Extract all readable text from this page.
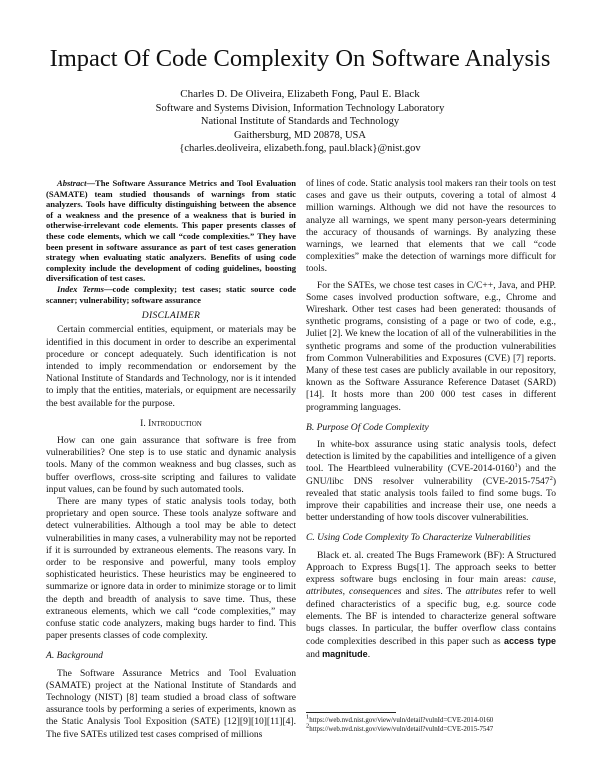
Impact Of Code Complexity On Software Analysis
Charles D. De Oliveira, Elizabeth Fong, Paul E. Black
Software and Systems Division, Information Technology Laboratory
National Institute of Standards and Technology
Gaithersburg, MD 20878, USA
{charles.deoliveira, elizabeth.fong, paul.black}@nist.gov

Abstract—The Software Assurance Metrics and Tool Evaluation (SAMATE) team studied thousands of warnings from static analyzers. Tools have difficulty distinguishing between the absence of a weakness and the presence of a weakness that is buried in otherwise-irrelevant code elements. This paper presents classes of these code elements, which we call “code complexities.” They have been present in software assurance as part of test cases generation strategy when evaluating static analyzers. Benefits of using code complexity include the development of coding guidelines, boosting diversification of test cases.

Index Terms—code complexity; test cases; static source code scanner; vulnerability; software assurance

DISCLAIMER

Certain commercial entities, equipment, or materials may be identified in this document in order to describe an experimental procedure or concept adequately. Such identification is not intended to imply recommendation or endorsement by the National Institute of Standards and Technology, nor is it intended to imply that the entities, materials, or equipment are necessarily the best available for the purpose.

I. Introduction

How can one gain assurance that software is free from vulnerabilities? One step is to use static and dynamic analysis tools. Many of the common weakness and bug classes, such as buffer overflows, cross-site scripting and failures to validate input values, can be found by such automated tools.

There are many types of static analysis tools today, both proprietary and open source. These tools analyze software and detect vulnerabilities. Although a tool may be able to detect vulnerabilities in many cases, a vulnerability may not be reported if it is surrounded by extraneous elements. The reasons vary. In order to be responsive and powerful, many tools employ sophisticated heuristics. These heuristics may be engineered to summarize or ignore data in order to minimize storage or to limit the depth and breadth of analysis to save time. Thus, these extraneous elements, which we call “code complexities,” may confuse static code analyzers, making bugs harder to find. This paper presents classes of code complexity.

A. Background

The Software Assurance Metrics and Tool Evaluation (SAMATE) project at the National Institute of Standards and Technology (NIST) [8] team studied a broad class of software assurance tools by performing a series of experiments, known as the Static Analysis Tool Exposition (SATE) [12][9][10][11][4]. The five SATEs utilized test cases comprised of millions

of lines of code. Static analysis tool makers ran their tools on test cases and gave us their outputs, covering a total of almost 4 million warnings. Although we did not have the resources to analyze all warnings, we spent many person-years determining the accuracy of thousands of warnings. By analyzing these warnings, we learned that elements that we call “code complexities” make the detection of warnings more difficult for tools.

For the SATEs, we chose test cases in C/C++, Java, and PHP. Some cases involved production software, e.g., Chrome and Wireshark. Other test cases had been generated: thousands of synthetic programs, consisting of a page or two of code, e.g., Juliet [2]. We knew the location of all of the vulnerabilities in the synthetic programs and some of the production vulnerabilities from Common Vulnerabilities and Exposures (CVE) [7] reports. Many of these test cases are publicly available in our repository, known as the Software Assurance Reference Dataset (SARD) [14]. It hosts more than 200 000 test cases in different programming languages.

B. Purpose Of Code Complexity

In white-box assurance using static analysis tools, defect detection is limited by the capabilities and intelligence of a given tool. The Heartbleed vulnerability (CVE-2014-0160$^1$) and the GNU/libc DNS resolver vulnerability (CVE-2015-7547$^2$) revealed that static analysis tools failed to find some bugs. To improve their capabilities and increase their use, one needs a better understanding of how tools discover vulnerabilities.

C. Using Code Complexity To Characterize Vulnerabilities

Black et. al. created The Bugs Framework (BF): A Structured Approach to Express Bugs[1]. The approach seeks to better express software bugs enclosing in four main areas: cause, attributes, consequences and sites. The attributes refer to well defined characteristics of a specific bug, e.g. source code elements. The BF is intended to characterize general software bugs classes. In particular, the buffer overflow class contains code complexities described in this paper such as access type and magnitude.

$^1$https://web.nvd.nist.gov/view/vuln/detail?vulnId=CVE-2014-0160
$^2$https://web.nvd.nist.gov/view/vuln/detail?vulnId=CVE-2015-7547
